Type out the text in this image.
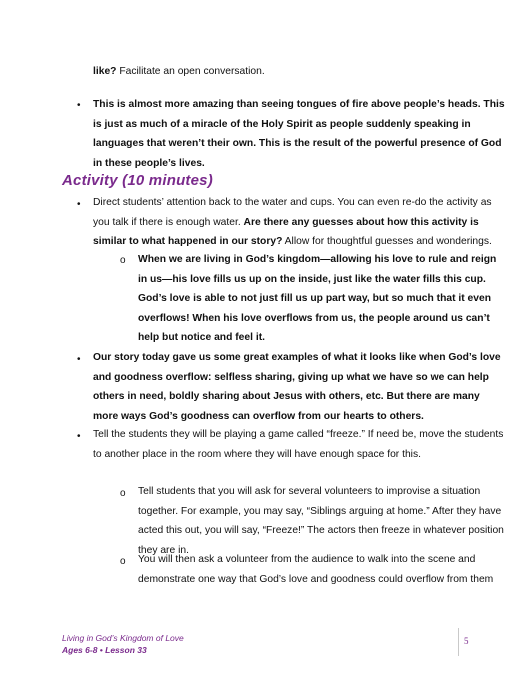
like? Facilitate an open conversation.

• This is almost more amazing than seeing tongues of fire above people’s heads. This is just as much of a miracle of the Holy Spirit as people suddenly speaking in languages that weren’t their own. This is the result of the powerful presence of God in these people’s lives.

Activity (10 minutes)
• Direct students’ attention back to the water and cups. You can even re-do the activity as you talk if there is enough water. Are there any guesses about how this activity is similar to what happened in our story? Allow for thoughtful guesses and wonderings.

o When we are living in God’s kingdom—allowing his love to rule and reign in us—his love fills us up on the inside, just like the water fills this cup. God’s love is able to not just fill us up part way, but so much that it even overflows! When his love overflows from us, the people around us can’t help but notice and feel it.

• Our story today gave us some great examples of what it looks like when God’s love and goodness overflow: selfless sharing, giving up what we have so we can help others in need, boldly sharing about Jesus with others, etc. But there are many more ways God’s goodness can overflow from our hearts to others.

• Tell the students they will be playing a game called “freeze.” If need be, move the students to another place in the room where they will have enough space for this.

o Tell students that you will ask for several volunteers to improvise a situation together. For example, you may say, “Siblings arguing at home.” After they have acted this out, you will say, “Freeze!” The actors then freeze in whatever position they are in.

o You will then ask a volunteer from the audience to walk into the scene and demonstrate one way that God’s love and goodness could overflow from them

Living in God’s Kingdom of Love
Ages 6-8 • Lesson 33
5
